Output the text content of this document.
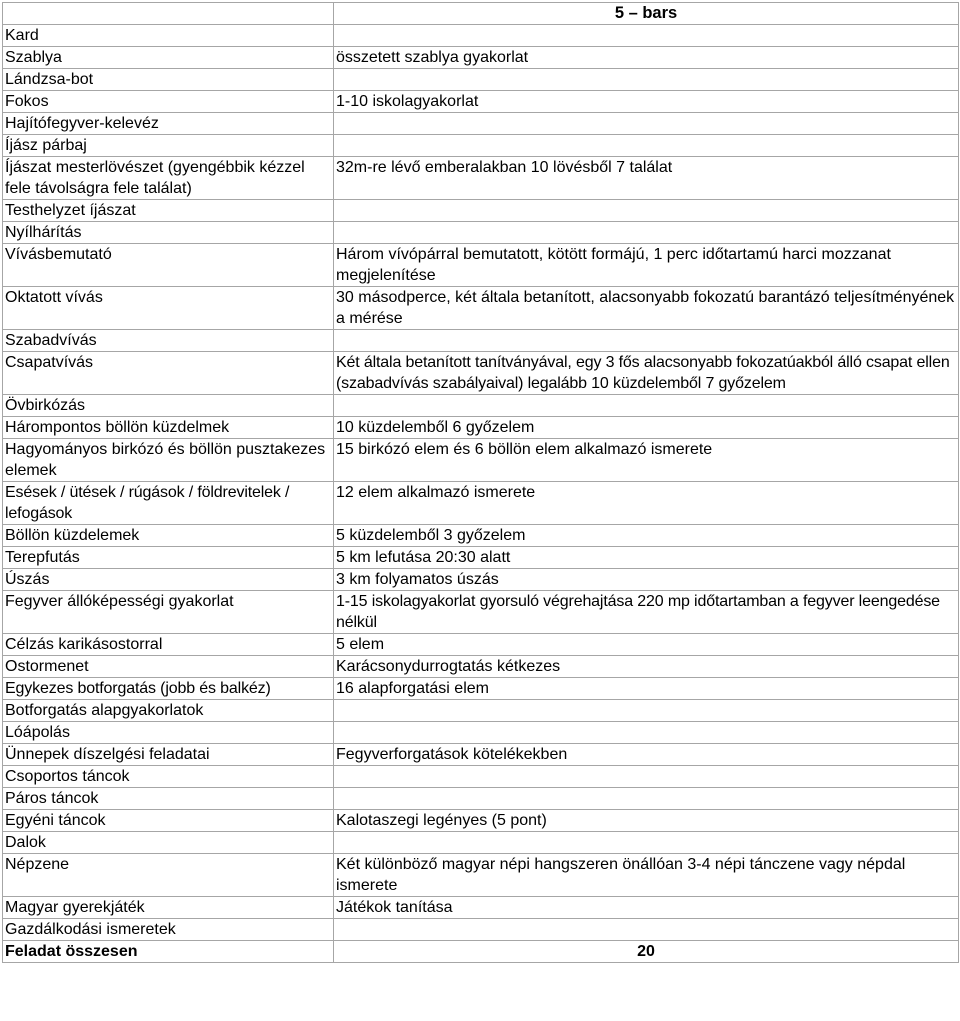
	5 – bars
Kard	
Szablya	összetett szablya gyakorlat
Lándzsa-bot	
Fokos	1-10 iskolagyakorlat
Hajítófegyver-kelevéz	
Íjász párbaj	
Íjászat mesterlövészet (gyengébbik kézzel fele távolságra fele találat)	32m-re lévő emberalakban 10 lövésből 7 találat
Testhelyzet íjászat	
Nyílhárítás	
Vívásbemutató	Három vívópárral bemutatott, kötött formájú, 1 perc időtartamú harci mozzanat megjelenítése
Oktatott vívás	30 másodperce, két általa betanított, alacsonyabb fokozatú barantázó teljesítményének a mérése
Szabadvívás	
Csapatvívás	Két általa betanított tanítványával, egy 3 fős alacsonyabb fokozatúakból álló csapat ellen (szabadvívás szabályaival) legalább 10 küzdelemből 7 győzelem
Övbirkózás	
Hárompontos böllön küzdelmek	10 küzdelemből 6 győzelem
Hagyományos birkózó és böllön pusztakezes elemek	15 birkózó elem és 6 böllön elem alkalmazó ismerete
Esések / ütések / rúgások / földrevitelek / lefogások	12 elem alkalmazó ismerete
Böllön küzdelemek	5 küzdelemből 3 győzelem
Terepfutás	5 km lefutása 20:30 alatt
Úszás	3 km folyamatos úszás
Fegyver állóképességi gyakorlat	1-15 iskolagyakorlat gyorsuló végrehajtása 220 mp időtartamban a fegyver leengedése nélkül
Célzás karikásostorral	5 elem
Ostormenet	Karácsonydurrogtatás kétkezes
Egykezes botforgatás (jobb és balkéz)	16 alapforgatási elem
Botforgatás alapgyakorlatok	
Lóápolás	
Ünnepek díszelgési feladatai	Fegyverforgatások kötelékekben
Csoportos táncok	
Páros táncok	
Egyéni táncok	Kalotaszegi legényes (5 pont)
Dalok	
Népzene	Két különböző magyar népi hangszeren önállóan 3-4 népi tánczene vagy népdal ismerete
Magyar gyerekjáték	Játékok tanítása
Gazdálkodási ismeretek	
Feladat összesen	20
